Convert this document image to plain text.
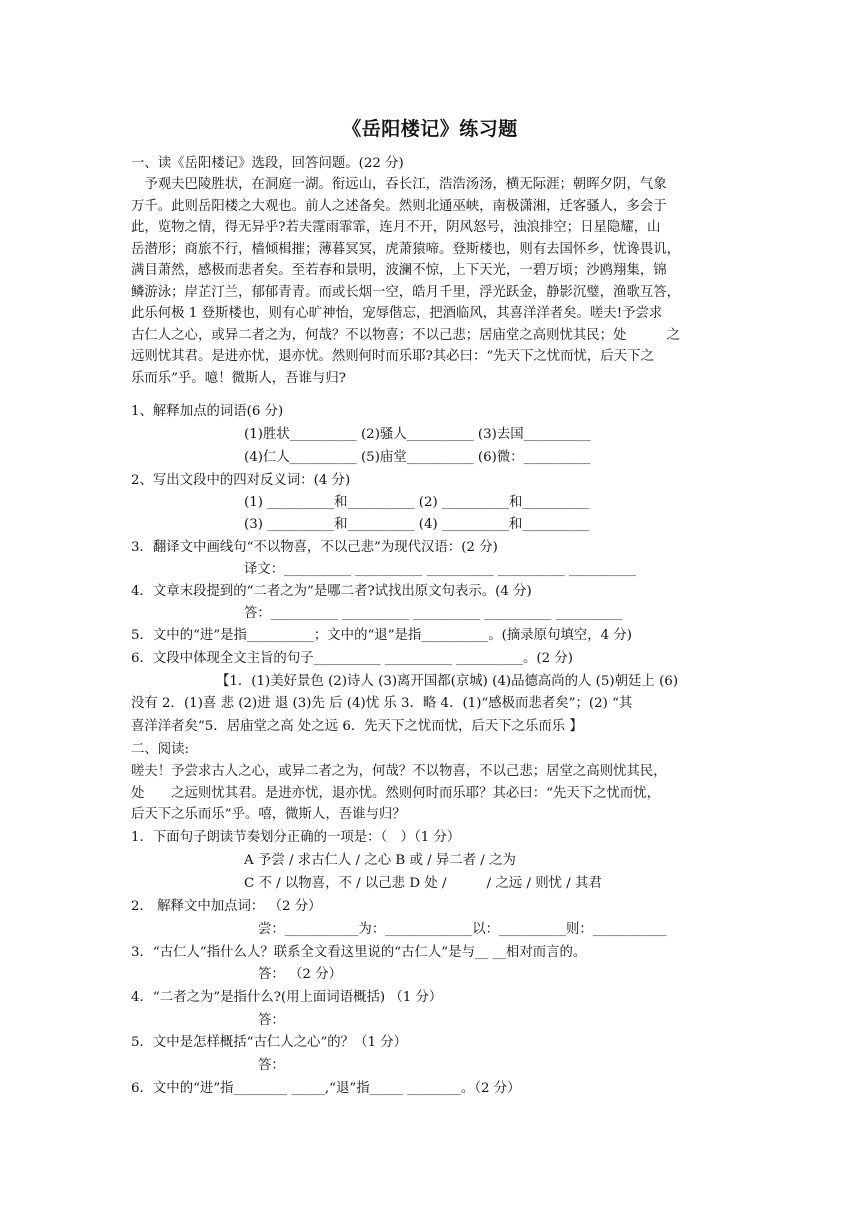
《岳阳楼记》练习题
一、读《岳阳楼记》选段，回答问题。(22 分)

　予观夫巴陵胜状，在洞庭一湖。衔远山，吞长江，浩浩汤汤，横无际涯；朝晖夕阴，气象

万千。此则岳阳楼之大观也。前人之述备矣。然则北通巫峡，南极潇湘，迁客骚人，多会于

此，览物之情，得无异乎?若夫霪雨霏霏，连月不开，阴风怒号，浊浪排空；日星隐耀，山

岳潜形；商旅不行，樯倾楫摧；薄暮冥冥，虎萧猿啼。登斯楼也，则有去国怀乡，忧谗畏讥，

满目萧然，感极而悲者矣。至若春和景明，波澜不惊，上下天光，一碧万顷；沙鸥翔集，锦

鳞游泳；岸芷汀兰，郁郁青青。而或长烟一空，皓月千里，浮光跃金，静影沉璧，渔歌互答，

此乐何极 1 登斯楼也，则有心旷神怡，宠辱偕忘，把酒临风，其喜洋洋者矣。嗟夫!予尝求

古仁人之心，或异二者之为，何哉？不以物喜；不以己悲；居庙堂之高则忧其民；处　　　之

远则忧其君。是进亦忧，退亦忧。然则何时而乐耶?其必曰：“先天下之忧而忧，后天下之

乐而乐”乎。噫！微斯人，吾谁与归?

1、解释加点的词语(6 分)
(1)胜状__________ (2)骚人__________ (3)去国__________
(4)仁人__________ (5)庙堂__________ (6)微：__________
2、写出文段中的四对反义词：(4 分)
(1) __________和__________ (2) __________和__________
(3) __________和__________ (4) __________和__________
3．翻译文中画线句“不以物喜，不以己悲”为现代汉语：(2 分)
译文：__________ __________ __________ __________ __________
4．文章末段提到的“二者之为”是哪二者?试找出原文句表示。(4 分)
答：__________ __________ __________ __________ __________
5．文中的“进”是指__________；文中的“退”是指__________。(摘录原句填空，4 分)
6．文段中体现全文主旨的句子__________ __________ __________。(2 分)
【1．(1)美好景色 (2)诗人 (3)离开国都(京城) (4)品德高尚的人 (5)朝廷上 (6)
没有 2．(1)喜 悲 (2)进 退 (3)先 后 (4)忧 乐 3．略 4．(1)“感极而悲者矣”；(2) “其
喜洋洋者矣”5．居庙堂之高 处之远 6．先天下之忧而忧，后天下之乐而乐 】
二、阅读:

嗟夫！予尝求古人之心，或异二者之为，何哉？不以物喜，不以己悲；居堂之高则忧其民，

处　　之远则忧其君。是进亦忧，退亦忧。然则何时而乐耶？其必曰：“先天下之忧而忧，

后天下之乐而乐”乎。嘻，微斯人，吾谁与归？

1．下面句子朗读节奏划分正确的一项是：（　）（1 分）
A 予尝 / 求古仁人 / 之心 B 或 / 异二者 / 之为
C 不 / 以物喜，不 / 以己悲 D 处 /　　　/ 之远 / 则忧 / 其君
2． 解释文中加点词： （2 分）
尝：___________为：_____________以：__________则：___________
3．“古仁人”指什么人？联系全文看这里说的“古仁人”是与__ __相对而言的。
答： （2 分）
4．“二者之为”是指什么?(用上面词语概括) （1 分）
答：
5．文中是怎样概括“古仁人之心”的？（1 分）
答：
6．文中的“进”指________ _____,“退”指_____ ________。（2 分）
